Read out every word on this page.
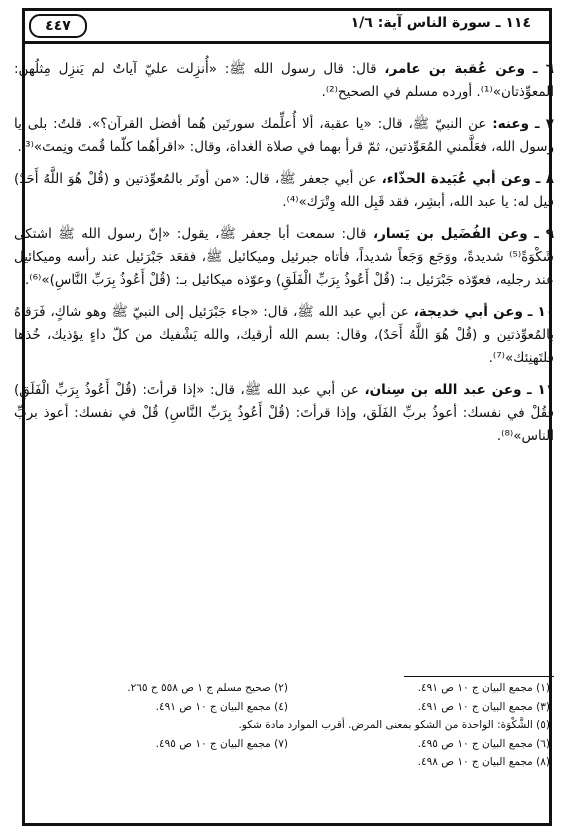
٤٤٧	١١٤ ـ سورة الناس آية: ١/٦

٦ ـ وعن عُقبة بن عامر، قال: قال رسول الله ﷺ: «أُنزِلت عليّ آياتٌ لم يَنزِل مِثلُهن: المعوِّذتان»⁽¹⁾. أورده مسلم في الصحيح⁽²⁾.

٧ ـ وعنه: عن النبيّ ﷺ، قال: «يا عقبة، ألا أُعلِّمك سورتَين هُما أفضل القرآن؟». قلتُ: بلى يا رسول الله، فعَلَّمني المُعَوِّذتين، ثمّ قرأ بهما في صلاة الغداة، وقال: «اقرأهُما كلّما قُمتَ ونِمتَ»⁽³⁾.

٨ ـ وعن أبي عُبَيدة الحذّاء، عن أبي جعفر ﷺ، قال: «من أوتَر بالمُعوِّذتين و (قُلْ هُوَ اللَّهُ أَحَدٌ) قيل له: يا عبد الله، أبشِر، فقد قَبِل الله وِتْرَك»⁽⁴⁾.

٩ ـ وعن الفُضَيل بن يَسار، قال: سمعت أبا جعفر ﷺ، يقول: «إنّ رسول الله ﷺ اشتكى شَكْوَةً⁽⁵⁾ شديدةً، ووَجَع وَجَعاً شديداً، فأتاه جبرئيل وميكائيل ﷺ، فقعَد جَبْرَئيل عند رأسه وميكائيل عند رجليه، فعوّذه جَبْرَئيل بـ: (قُلْ أَعُوذُ بِرَبِّ الْفَلَقِ) وعوّذه ميكائيل بـ: (قُلْ أَعُوذُ بِرَبِّ النَّاسِ)»⁽⁶⁾.

١٠ ـ وعن أبي خديجة، عن أبي عبد الله ﷺ، قال: «جاء جَبْرَئيل إلى النبيّ ﷺ وهو شاكٍ، فَرَقاهُ بالمُعوِّذتين و (قُلْ هُوَ اللَّهُ أَحَدٌ)، وقال: بسم الله أرقيك، والله يَشْفيك من كلّ داءٍ يؤذيك، خُذها فلتَهنِئك»⁽⁷⁾.

١١ ـ وعن عبد الله بن سِنان، عن أبي عبد الله ﷺ، قال: «إذا قرأتَ: (قُلْ أَعُوذُ بِرَبِّ الْفَلَقِ) فقُلْ في نفسك: أعوذُ بربِّ الفَلَق، وإذا قرأتَ: (قُلْ أَعُوذُ بِرَبِّ النَّاسِ) قُلْ في نفسك: أعوذ بربِّ الناس»⁽⁸⁾.

(١) مجمع البيان ج ١٠ ص ٤٩١.
(٢) صحيح مسلم ج ١ ص ٥٥٨ ح ٢٦٥.
(٣) مجمع البيان ج ١٠ ص ٤٩١.
(٤) مجمع البيان ج ١٠ ص ٤٩١.
(٥) الشَّكْوَة: الواحدة من الشكو بمعنى المرض. أقرب الموارد مادة شكو.
(٦) مجمع البيان ج ١٠ ص ٤٩٥.
(٧) مجمع البيان ج ١٠ ص ٤٩٥.
(٨) مجمع البيان ج ١٠ ص ٤٩٨.
